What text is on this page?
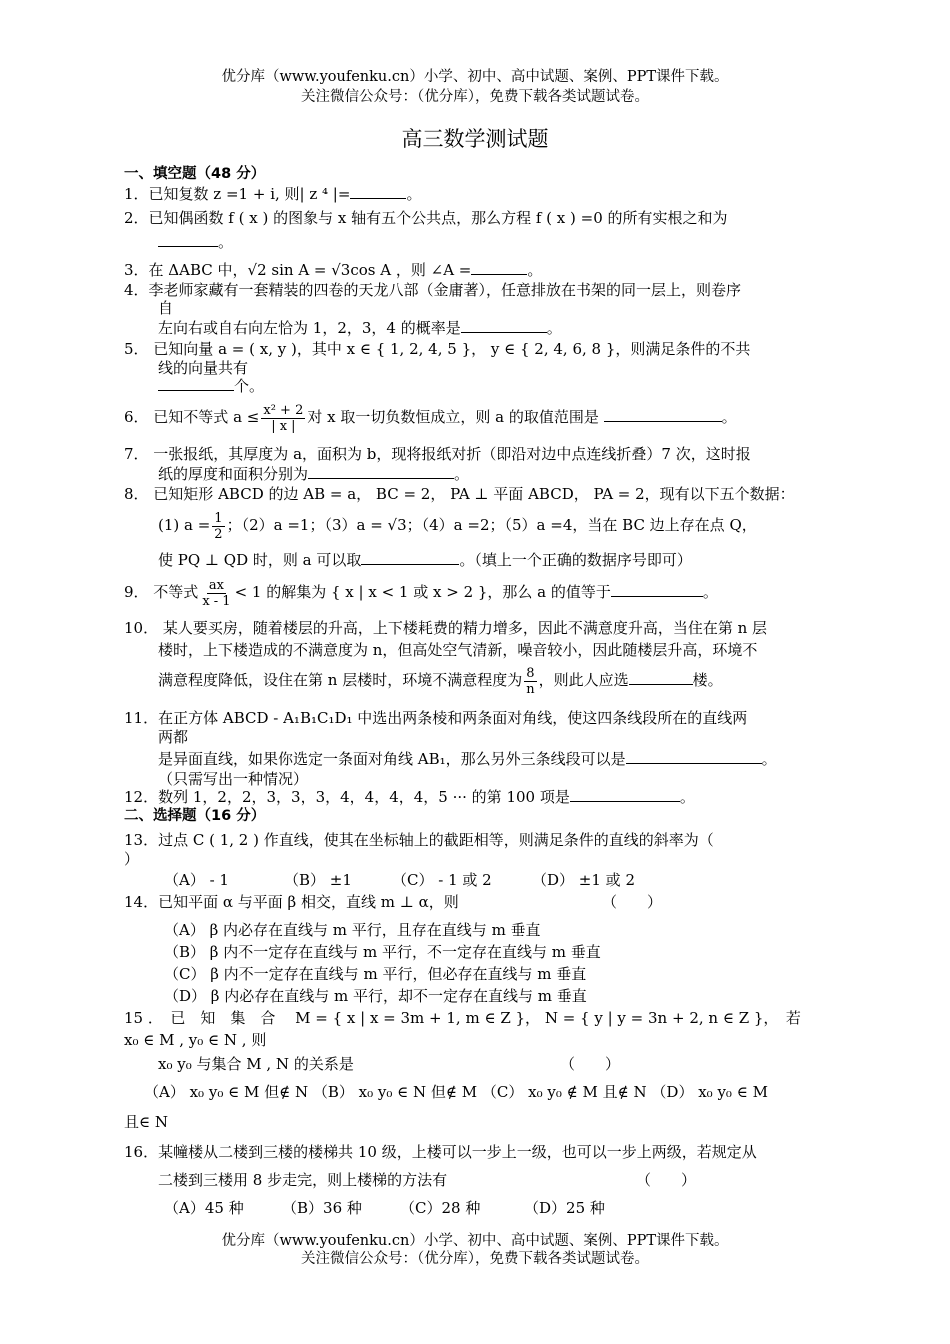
优分库（www.youfenku.cn）小学、初中、高中试题、案例、PPT课件下载。
关注微信公众号：（优分库），免费下载各类试题试卷。
高三数学测试题
一、填空题（48 分）
1．已知复数 z =1 + i, 则| z ⁴ |=	。
2．已知偶函数 f ( x ) 的图象与 x 轴有五个公共点，那么方程 f ( x ) =0 的所有实根之和为
。
3．在 ΔABC 中，√2 sin A = √3cos A ，则 ∠A =	。
4．李老师家藏有一套精装的四卷的天龙八部（金庸著），任意排放在书架的同一层上，则卷序
自
左向右或自右向左恰为 1，2，3，4 的概率是	。
5． 已知向量 a = ( x, y )，其中 x ∈ { 1, 2, 4, 5 }， y ∈ { 2, 4, 6, 8 }，则满足条件的不共
线的向量共有
个。
6． 已知不等式 $a \le \frac{\text{x² + 2}}{| x |}$ 对 x 取一切负数恒成立，则 a 的取值范围是	。
7． 一张报纸，其厚度为 a，面积为 b，现将报纸对折（即沿对边中点连线折叠）7 次，这时报
纸的厚度和面积分别为	。
8． 已知矩形 ABCD 的边 AB = a， BC = 2， PA ⊥ 平面 ABCD， PA = 2，现有以下五个数据：
(1) $a = \frac{1}{2}$ ；（2）a =1；（3）a = √3；（4）a =2；（5）a =4，当在 BC 边上存在点 Q，
使 PQ ⊥ QD 时，则 a 可以取	。（填上一个正确的数据序号即可）
9． 不等式 $\frac{ax}{x - 1} < 1$ 的解集为 { x | x < 1 或 x > 2 }，那么 a 的值等于	。
10． 某人要买房，随着楼层的升高，上下楼耗费的精力增多，因此不满意度升高，当住在第 n 层
楼时，上下楼造成的不满意度为 n，但高处空气清新，噪音较小，因此随楼层升高，环境不
满意程度降低，设住在第 n 层楼时，环境不满意程度为 $\frac{8}{n}$ ，则此人应选	楼。
11．在正方体 ABCD - A₁B₁C₁D₁ 中选出两条棱和两条面对角线，使这四条线段所在的直线两
两都
是异面直线，如果你选定一条面对角线 AB₁，那么另外三条线段可以是	。
（只需写出一种情况）
12．数列 1，2，2，3，3，3，4，4，4，4，5 ··· 的第 100 项是	。
二、选择题（16 分）
13．过点 C ( 1, 2 ) 作直线，使其在坐标轴上的截距相等，则满足条件的直线的斜率为（
）
（A） - 1	（B） ±1	（C） - 1 或 2	（D） ±1 或 2
14．已知平面 α 与平面 β 相交，直线 m ⊥ α，则	（　　）
（A） β 内必存在直线与 m 平行，且存在直线与 m 垂直
（B） β 内不一定存在直线与 m 平行，不一定存在直线与 m 垂直
（C） β 内不一定存在直线与 m 平行，但必存在直线与 m 垂直
（D） β 内必存在直线与 m 平行，却不一定存在直线与 m 垂直
15 ．　已　知　集　合　 M = { x | x = 3m + 1, m ∈ Z }， N = { y | y = 3n + 2, n ∈ Z }，　若
x₀ ∈ M , y₀ ∈ N , 则
x₀ y₀ 与集合 M , N 的关系是	（　　）
（A） x₀ y₀ ∈ M 但∉ N （B） x₀ y₀ ∈ N 但∉ M （C） x₀ y₀ ∉ M 且∉ N （D） x₀ y₀ ∈ M
且∈ N
16．某幢楼从二楼到三楼的楼梯共 10 级，上楼可以一步上一级，也可以一步上两级，若规定从
二楼到三楼用 8 步走完，则上楼梯的方法有	（　　）
（A）45 种	（B）36 种	（C）28 种	（D）25 种
优分库（www.youfenku.cn）小学、初中、高中试题、案例、PPT课件下载。
关注微信公众号：（优分库），免费下载各类试题试卷。
